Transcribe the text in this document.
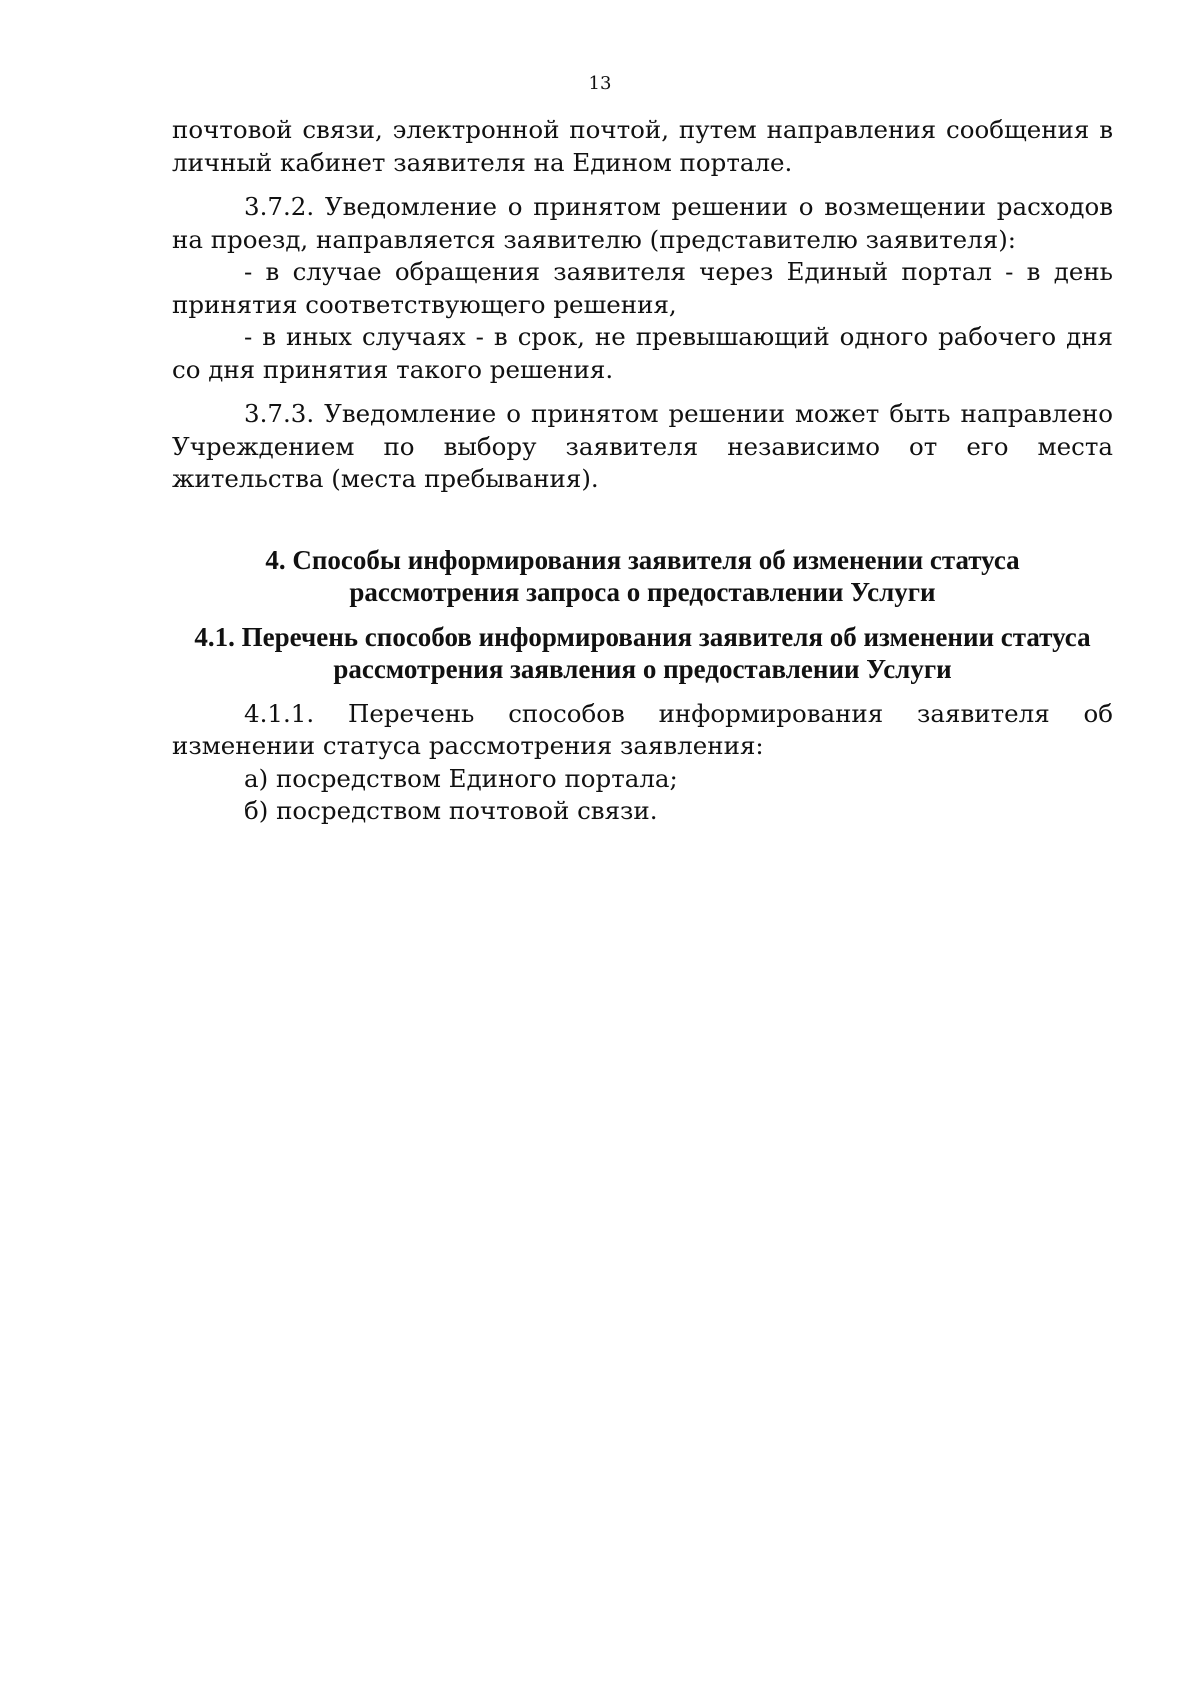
13

почтовой связи, электронной почтой, путем направления сообщения в личный кабинет заявителя на Едином портале.

3.7.2. Уведомление о принятом решении о возмещении расходов на проезд, направляется заявителю (представителю заявителя):

- в случае обращения заявителя через Единый портал - в день принятия соответствующего решения,

- в иных случаях - в срок, не превышающий одного рабочего дня со дня принятия такого решения.

3.7.3. Уведомление о принятом решении может быть направлено Учреждением по выбору заявителя независимо от его места жительства (места пребывания).

4. Способы информирования заявителя об изменении статуса рассмотрения запроса о предоставлении Услуги
4.1. Перечень способов информирования заявителя об изменении статуса рассмотрения заявления о предоставлении Услуги

4.1.1. Перечень способов информирования заявителя об изменении статуса рассмотрения заявления:

а) посредством Единого портала;

б) посредством почтовой связи.
